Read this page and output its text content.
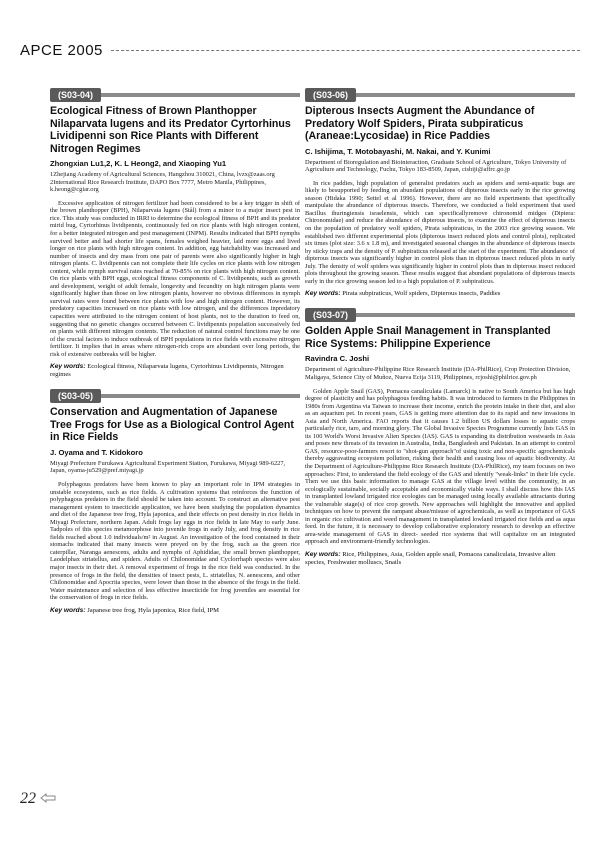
APCE 2005
(S03-04)
Ecological Fitness of Brown Planthopper Nilaparvata lugens and its Predator Cyrtorhinus Lividipenni son Rice Plants with Different Nitrogen Regimes
Zhongxian Lu1,2, K. L Heong2, and Xiaoping Yu1
1Zhejiang Academy of Agricultural Sciences, Hangzhou 310021, China, lvzx@zaas.org 2International Rice Research Institute, DAPO Box 7777, Metro Manila, Philippines, k.heong@cgiar.org

Excessive application of nitrogen fertilizer had been considered to be a key trigger in shift of the brown planthopper (BPH), Nilaparvata lugens (Stål) from a minor to a major insect pest in rice. This study was conducted in IRRI to determine the ecological fitness of BPH and its predator mirid bug, Cyrtorhinus lividipennis, continuously fed on rice plants with high nitrogen content, for a better integrated nitrogen and pest management (INPM). Results indicated that BPH nymphs survived better and had shorter life spans, females weighed heavier, laid more eggs and lived longer on rice plants with high nitrogen content. In addition, egg hatchability was increased and number of insects and dry mass from one pair of parents were also significantly higher in high nitrogen plants. C. lividipennis can not complete their life cycles on rice plants with low nitrogen content, while nymph survival rates reached at 70-85% on rice plants with high nitrogen content. On rice plants with BPH eggs, ecological fitness components of C. lividipennis, such as growth and development, weight of adult female, longevity and fecundity on high nitrogen plants were significantly higher than those on low nitrogen plants, however no obvious differences in nymph survival rates were found between rice plants with low and high nitrogen content. However, its predatory capacities increased on rice plants with low nitrogen, and the differences inpredatory capacities were attributed to the nitrogen content of host plants, not to the duration to feed on, suggesting that no genetic changes occurred between C. lividipennis population successively fed on plants with different nitrogen contents. The reduction of natural control functions may be one of the crucial factors to induce outbreak of BPH populations in rice fields with excessive nitrogen fertilizer. It implies that in areas where nitrogen-rich crops are abundant over long periods, the risk of extensive outbreaks will be higher.

Key words: Ecological fitness, Nilaparvata lugens, Cyrtorhinus Lividipennis, Nitrogen regimes

(S03-05)
Conservation and Augmentation of Japanese Tree Frogs for Use as a Biological Control Agent in Rice Fields
J. Oyama and T. Kidokoro
Miyagi Prefecture Furukawa Agricultural Experiment Station, Furukawa, Miyagi 989-6227, Japan, oyama-ju529@pref.miyagi.jp

Polyphagous predators have been known to play an important role in IPM strategies in unstable ecosystems, such as rice fields. A cultivation systems that reinforces the function of polyphagous predators in the field should be taken into account. To construct an alternative pest management system to insecticide application, we have been studying the population dynamics and diet of the Japanese tree frog, Hyla japonica, and their effects on pest density in rice fields in Miyagi Prefecture, northern Japan. Adult frogs lay eggs in rice fields in late May to early June. Tadpoles of this species metamorphose into juvenile frogs in early July, and frog density in rice fields reached about 1.0 individuals/m² in August. An investigation of the food contained in their stomachs indicated that many insects were preyed on by the frog, such as the green rice caterpillar, Naranga aenescens, adults and nymphs of Aphididae, the small brown planthopper, Laodelphax striatellus, and spiders. Adults of Chilonomidae and Cyclorrhaph species were also major insects in their diet. A removal experiment of frogs in the rice field was conducted. In the presence of frogs in the field, the densities of insect pests, L. striatellus, N. aenescens, and other Chilonomidae and Apocrita species, were lower than those in the absence of the frogs in the field. Water maintenance and selection of less effective insecticide for frog juveniles are essential for the conservation of frogs in rice fields.

Key words: Japanese tree frog, Hyla japonica, Rice field, IPM

(S03-06)
Dipterous Insects Augment the Abundance of Predatory Wolf Spiders, Pirata subpiraticus (Araneae:Lycosidae) in Rice Paddies
C. Ishijima, T. Motobayashi, M. Nakai, and Y. Kunimi
Department of Bioregulation and Biointeraction, Graduate School of Agriculture, Tokyo University of Agriculture and Technology, Fuchu, Tokyo 183-8509, Japan, cishiji@affrc.go.jp

In rice paddies, high population of generalist predators such as spiders and semi-aquatic bugs are likely to besupported by feeding on abundant populations of dipterous insects early in the rice growing season (Hidaka 1990; Settel et al 1996). However, there are no field experiments that specifically manipulate the abundance of dipterous insects. Therefore, we conducted a field experiment that used Bacillus thuringiensis israelensis, which can specificallyremove chironomid midges (Diptera: Chironomidae) and reduce the abundance of dipterous insects, to examine the effect of dipterous insects on the population of predatory wolf spiders, Pirata subpiraticus, in the 2003 rice growing season. We established two different experimental plots (dipterous insect reduced plots and control plots), replicated six times (plot size: 3.6 x 1.8 m), and investigated seasonal changes in the abundance of dipterous insects by sticky traps and the density of P. subpiraticus released at the start of the experiment. The abundance of dipterous insects was significantly higher in control plots than in dipterous insect reduced plots in early July. The density of wolf spiders was significantly higher in control plots than in dipterous insect reduced plots throughout the growing season. These results suggest that abundant populations of dipterous insects early in the rice growing season led to a high population of P. subpiraticus.

Key words: Pirata subpiraticus, Wolf spiders, Dipterous insects, Paddies

(S03-07)
Golden Apple Snail Management in Transplanted Rice Systems: Philippine Experience
Ravindra C. Joshi
Department of Agriculture-Philippine Rice Research Institute (DA-PhilRice), Crop Protection Division, Maligaya, Science City of Muñoz, Nueva Ecija 3119, Philippines, rcjoshi@philrice.gov.ph

Golden Apple Snail (GAS), Pomacea canaliculata (Lamarck) is native to South America but has high degree of plasticity and has polyphagous feeding habits. It was introduced to farmers in the Philippines in 1980s from Argentina via Taiwan to increase their income, enrich the protein intake in their diet, and also as an aquarium pet. In recent years, GAS is getting more attention due to its rapid and new invasions in Asia and North America. FAO reports that it causes 1.2 billion US dollars losses to aquatic crops particularly rice, taro, and morning glory. The Global Invasive Species Programme currently lists GAS in its 100 World's Worst Invasive Alien Species (IAS). GAS is expanding its distribution westwards in Asia and poses new threats of its invasion in Australia, India, Bangladesh and Pakistan. In an attempt to control GAS, resource-poor-farmers resort to "shot-gun approach"of using toxic and non-specific agrochemicals thereby aggravating ecosystem pollution, risking their health and causing loss of aquatic biodiversity. At the Department of Agriculture-Philippine Rice Research Institute (DA-PhilRice), my team focuses on two approaches: First, to understand the field ecology of the GAS and identify "weak-links" in their life cycle. Then we use this basic information to manage GAS at the village level within the community, in an ecologically sustainable, socially acceptable and economically viable ways. I shall discuss how this IAS in transplanted lowland irrigated rice ecologies can be managed using locally available attractants during the vulnerable stage(s) of rice crop growth. New approaches will highlight the innovative and applied techniques on how to prevent the rampant abuse/misuse of agrochemicals, as well as importance of GAS in organic rice cultivation and weed management in transplanted lowland irrigated rice fields and as aqua feed. In the future, it is necessary to develop collaborative exploratory research to develop an effective area-wide management of GAS in direct- seeded rice systems that will capitalize on an integrated approach and environment-friendly technologies.

Key words: Rice, Philippines, Asia, Golden apple snail, Pomacea canaliculata, Invasive alien species, Freshwater molluscs, Snails

22
